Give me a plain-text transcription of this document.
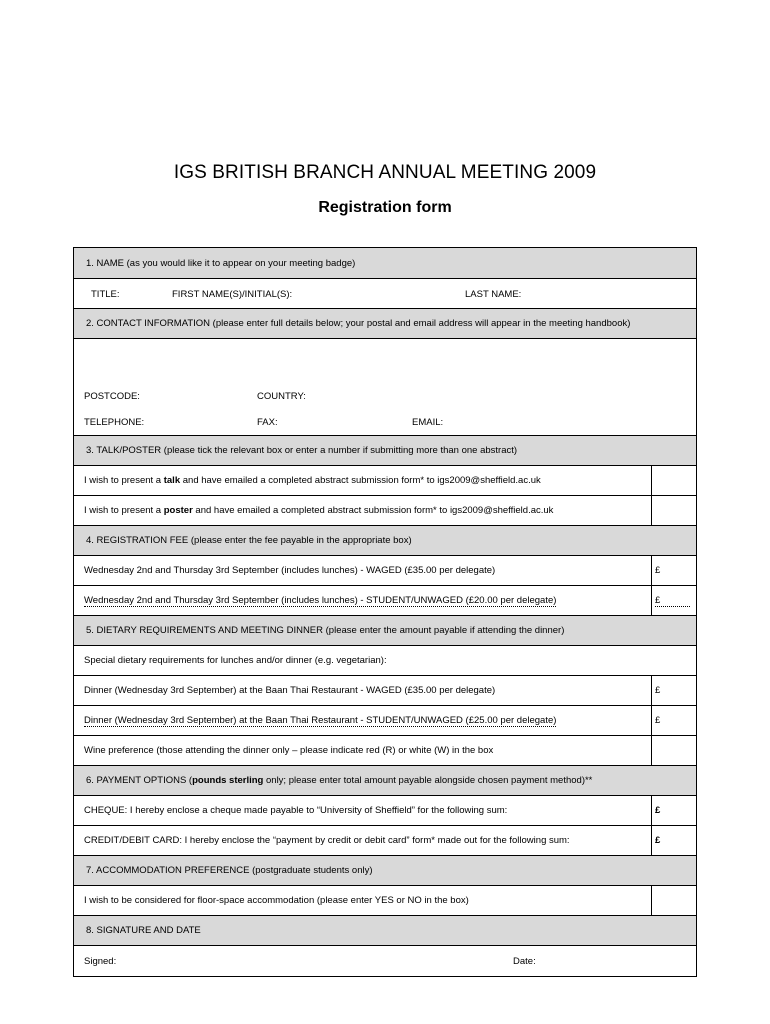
IGS BRITISH BRANCH ANNUAL MEETING 2009
Registration form
1. NAME (as you would like it to appear on your meeting badge)
TITLE:	FIRST NAME(S)/INITIAL(S):	LAST NAME:
2. CONTACT INFORMATION (please enter full details below; your postal and email address will appear in the meeting handbook)
POSTCODE:	COUNTRY:
TELEPHONE:	FAX:	EMAIL:
3. TALK/POSTER (please tick the relevant box or enter a number if submitting more than one abstract)
I wish to present a talk and have emailed a completed abstract submission form* to igs2009@sheffield.ac.uk
I wish to present a poster and have emailed a completed abstract submission form* to igs2009@sheffield.ac.uk
4. REGISTRATION FEE (please enter the fee payable in the appropriate box)
Wednesday 2nd and Thursday 3rd September (includes lunches) - WAGED (£35.00 per delegate)	£
Wednesday 2nd and Thursday 3rd September (includes lunches) - STUDENT/UNWAGED (£20.00 per delegate)	£
5. DIETARY REQUIREMENTS AND MEETING DINNER (please enter the amount payable if attending the dinner)
Special dietary requirements for lunches and/or dinner (e.g. vegetarian):
Dinner (Wednesday 3rd September) at the Baan Thai Restaurant - WAGED (£35.00 per delegate)	£
Dinner (Wednesday 3rd September) at the Baan Thai Restaurant - STUDENT/UNWAGED (£25.00 per delegate)	£
Wine preference (those attending the dinner only – please indicate red (R) or white (W) in the box
6. PAYMENT OPTIONS (pounds sterling only; please enter total amount payable alongside chosen payment method)**
CHEQUE: I hereby enclose a cheque made payable to “University of Sheffield” for the following sum:	£
CREDIT/DEBIT CARD: I hereby enclose the “payment by credit or debit card” form* made out for the following sum:	£
7. ACCOMMODATION PREFERENCE (postgraduate students only)
I wish to be considered for floor-space accommodation (please enter YES or NO in the box)
8. SIGNATURE AND DATE
Signed:	Date:
